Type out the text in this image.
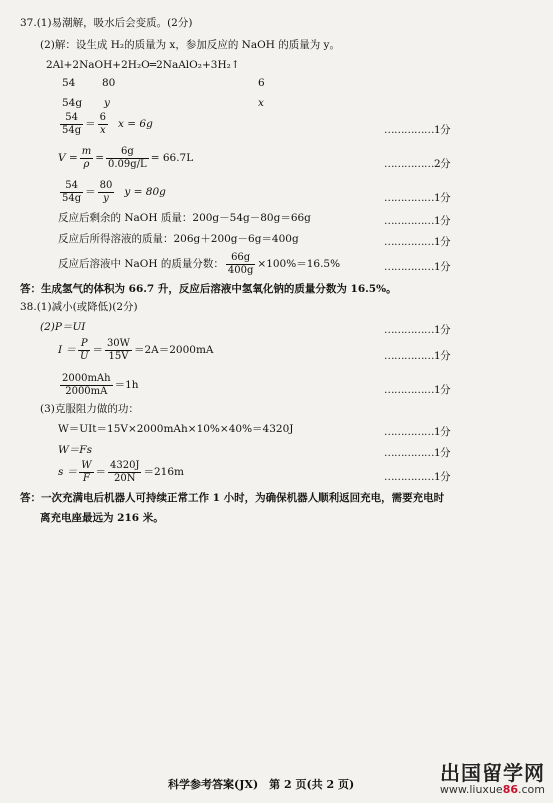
37.(1)易潮解，吸水后会变质。(2分)
(2)解：设生成 H₂的质量为 x，参加反应的 NaOH 的质量为 y。
2Al+2NaOH+2H₂O═2NaAlO₂+3H₂↑
54	80	6
54g y	x
$\frac{54}{54g} = \frac{6}{x}$ x = 6g
……………1分
$V = \frac{m}{\rho} = \frac{6g}{0.09g/L} = 66.7L$
……………2分
$\frac{54}{54g} = \frac{80}{y}$ y = 80g
……………1分
反应后剩余的 NaOH 质量：200g－54g－80g＝66g	……………1分
反应后所得溶液的质量：206g＋200g－6g＝400g	……………1分
反应后溶液中 NaOH 的质量分数： $\frac{66g}{400g} \times 100\%=16.5\%$	……………1分
答：生成氢气的体积为 66.7 升，反应后溶液中氢氧化钠的质量分数为 16.5%。
38.(1)减小(或降低)(2分)
(2)P＝UI	……………1分
$I = \frac{P}{U} = \frac{30W}{15V} =2A=2000mA$
……………1分
$\frac{\text{2000mAh}}{2000mA} =1h$	……………1分
(3)克服阻力做的功：
W＝UIt＝15V×2000mAh×10%×40%＝4320J	……………1分
W＝Fs	……………1分
$s = \frac{W}{F} = \frac{4320J}{20N} =216m$	……………1分
答：一次充满电后机器人可持续正常工作 1 小时，为确保机器人顺利返回充电，需要充电时
离充电座最远为 216 米。
科学参考答案(JX)　第 2 页(共 2 页)	出国留学网
www.liuxue86.com
